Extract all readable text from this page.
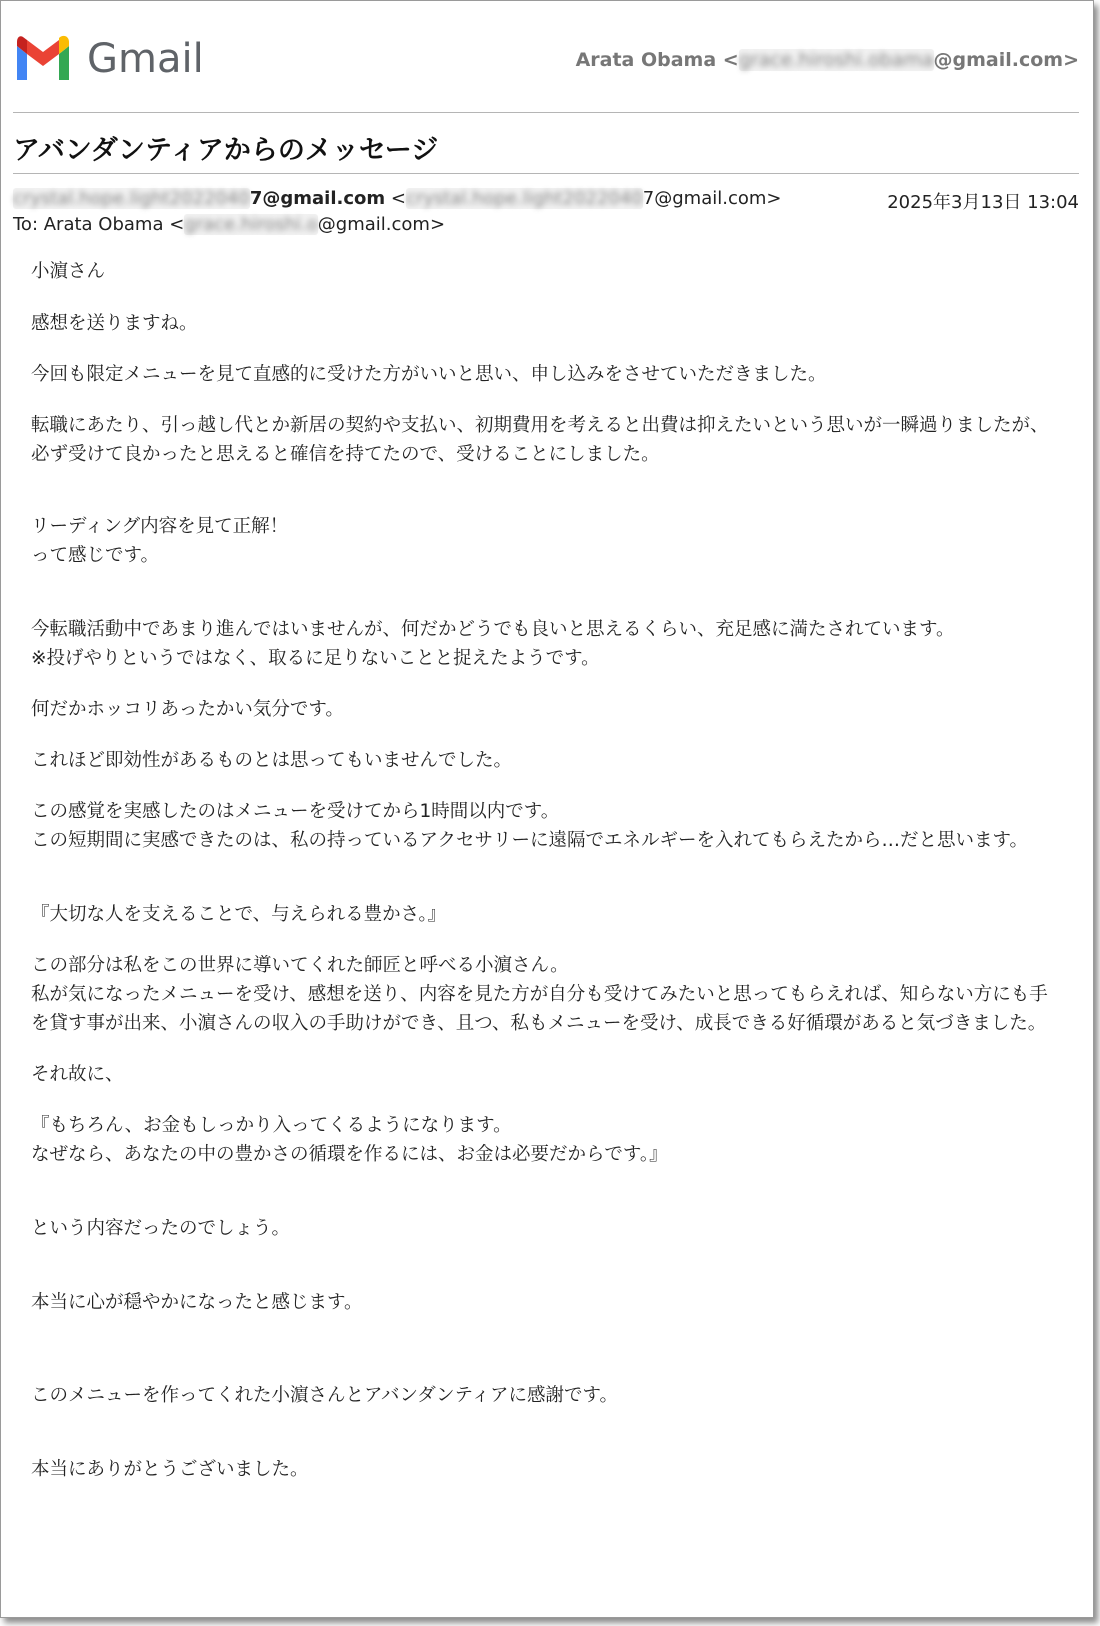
Gmail	Arata Obama <grace.hiroshi.obama@gmail.com>
アバンダンティアからのメッセージ
crystal.hope.light20220407@gmail.com <crystal.hope.light20220407@gmail.com>	2025年3月13日 13:04
To: Arata Obama <grace.hiroshi.o@gmail.com>

小濵さん

感想を送りますね。

今回も限定メニューを見て直感的に受けた方がいいと思い、申し込みをさせていただきました。

転職にあたり、引っ越し代とか新居の契約や支払い、初期費用を考えると出費は抑えたいという思いが一瞬過りましたが、必ず受けて良かったと思えると確信を持てたので、受けることにしました。

リーディング内容を見て正解！
って感じです。

今転職活動中であまり進んではいませんが、何だかどうでも良いと思えるくらい、充足感に満たされています。
※投げやりというではなく、取るに足りないことと捉えたようです。

何だかホッコリあったかい気分です。

これほど即効性があるものとは思ってもいませんでした。

この感覚を実感したのはメニューを受けてから1時間以内です。
この短期間に実感できたのは、私の持っているアクセサリーに遠隔でエネルギーを入れてもらえたから…だと思います。

『大切な人を支えることで、与えられる豊かさ。』

この部分は私をこの世界に導いてくれた師匠と呼べる小濵さん。
私が気になったメニューを受け、感想を送り、内容を見た方が自分も受けてみたいと思ってもらえれば、知らない方にも手を貸す事が出来、小濵さんの収入の手助けができ、且つ、私もメニューを受け、成長できる好循環があると気づきました。

それ故に、

『もちろん、お金もしっかり入ってくるようになります。
なぜなら、あなたの中の豊かさの循環を作るには、お金は必要だからです。』

という内容だったのでしょう。

本当に心が穏やかになったと感じます。

このメニューを作ってくれた小濵さんとアバンダンティアに感謝です。

本当にありがとうございました。
